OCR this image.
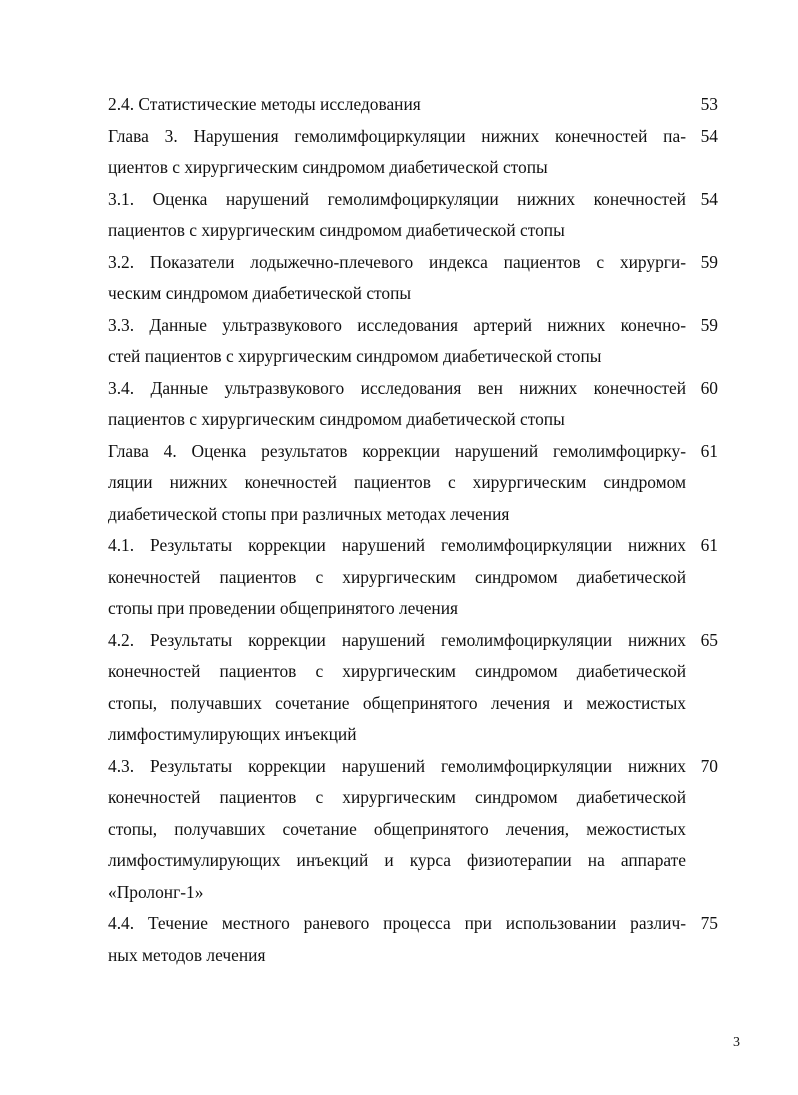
2.4. Статистические методы исследования	53
Глава 3. Нарушения гемолимфоциркуляции нижних конечностей па-
циентов с хирургическим синдромом диабетической стопы
54
3.1. Оценка нарушений гемолимфоциркуляции нижних конечностей
пациентов с хирургическим синдромом диабетической стопы
54
3.2. Показатели лодыжечно-плечевого индекса пациентов с хирурги-
ческим синдромом диабетической стопы
59
3.3. Данные ультразвукового исследования артерий нижних конечно-
стей пациентов с хирургическим синдромом диабетической стопы
59
3.4. Данные ультразвукового исследования вен нижних конечностей
пациентов с хирургическим синдромом диабетической стопы
60
Глава 4. Оценка результатов коррекции нарушений гемолимфоцирку-
ляции нижних конечностей пациентов с хирургическим синдромом
диабетической стопы при различных методах лечения
61
4.1. Результаты коррекции нарушений гемолимфоциркуляции нижних
конечностей пациентов с хирургическим синдромом диабетической
стопы при проведении общепринятого лечения
61
4.2. Результаты коррекции нарушений гемолимфоциркуляции нижних
конечностей пациентов с хирургическим синдромом диабетической
стопы, получавших сочетание общепринятого лечения и межостистых
лимфостимулирующих инъекций
65
4.3. Результаты коррекции нарушений гемолимфоциркуляции нижних
конечностей пациентов с хирургическим синдромом диабетической
стопы, получавших сочетание общепринятого лечения, межостистых
лимфостимулирующих инъекций и курса физиотерапии на аппарате
«Пролонг-1»
70
4.4. Течение местного раневого процесса при использовании различ-
ных методов лечения
75
3
